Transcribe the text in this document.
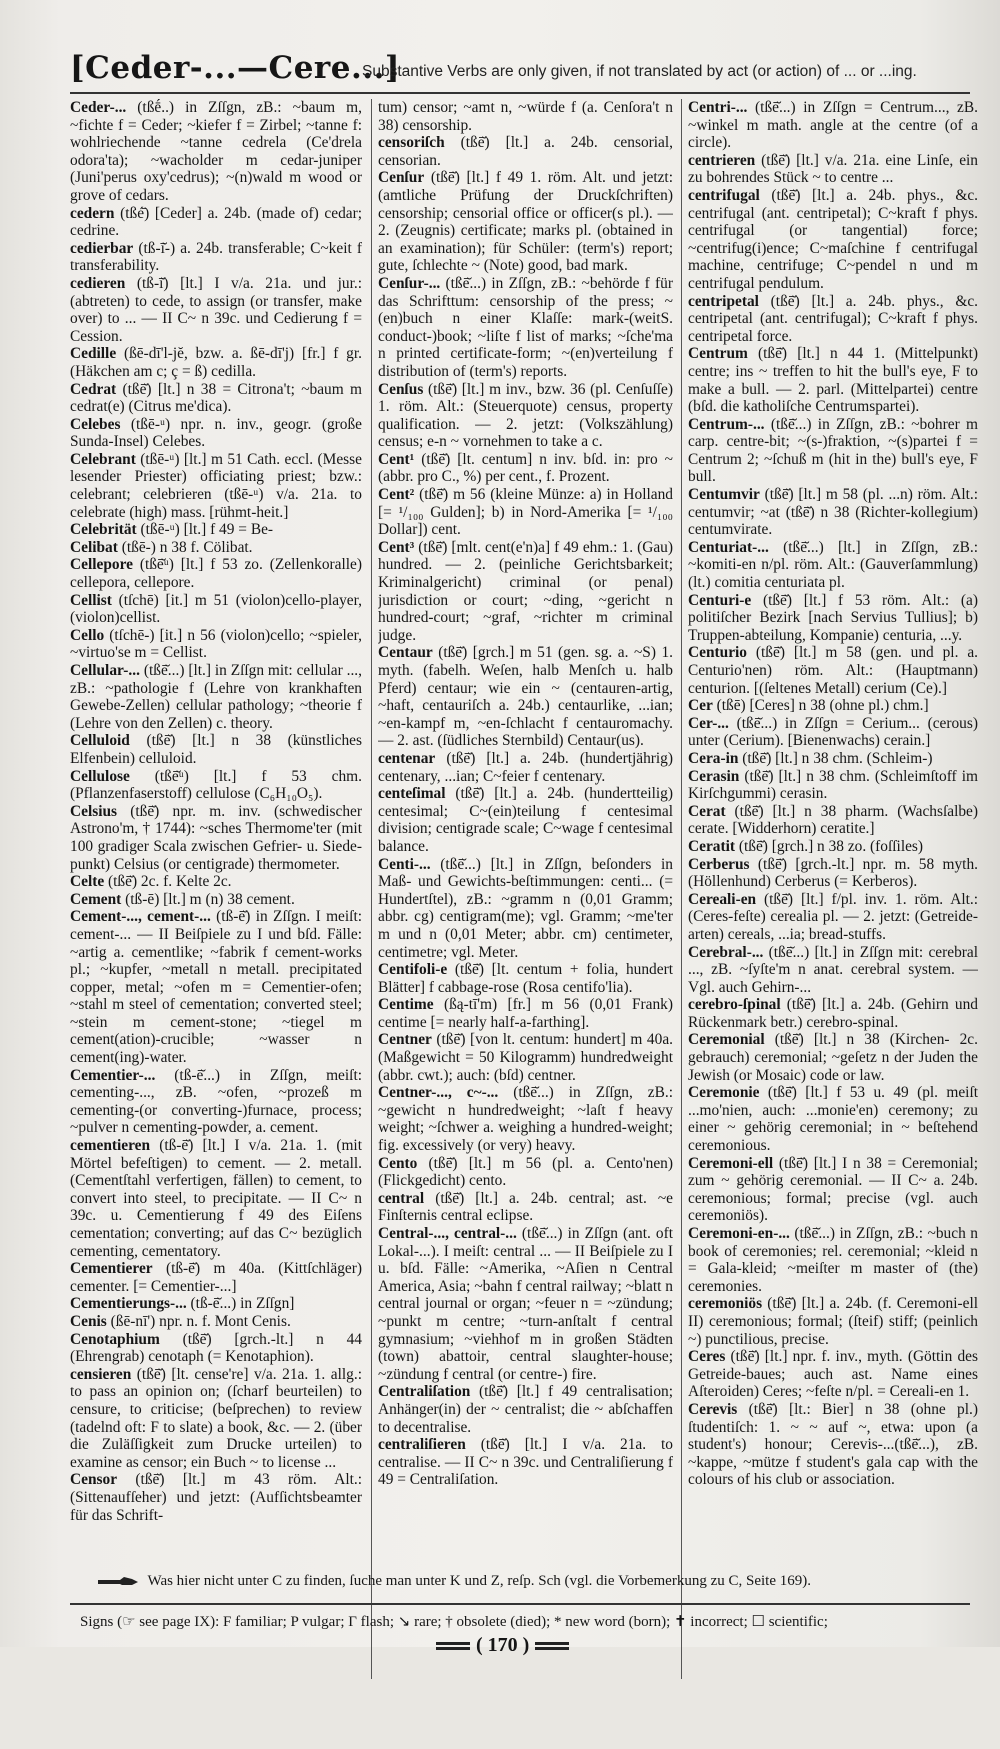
[Ceder-...—Cere...]
Substantive Verbs are only given, if not translated by act (or action) of ... or ...ing.

Ceder-... (tßḗ..) in Zſſgn, zB.: ~baum m, ~fichte f = Ceder; ~kiefer f = Zirbel; ~tanne f: wohlriechende ~tanne cedrela (Ce'drela odora'ta); ~wacholder m cedar-juniper (Juni'perus oxy'cedrus); ~(n)wald m wood or grove of cedars.

cedern (tßé̄) [Ceder] a. 24b. (made of) cedar; cedrine.

cedierbar (tß-ī̆-) a. 24b. transferable; C~keit f transferability.

cedieren (tß-ī̆) [lt.] I v/a. 21a. und jur.: (abtreten) to cede, to assign (or transfer, make over) to ... — II C~ n 39c. und Cedierung f = Cession.

Cedille (ßē-dī'l-jĕ, bzw. a. ßē-dī'j) [fr.] f gr. (Häkchen am c; ç = ß) cedilla.

Cedrat (tßē̆) [lt.] n 38 = Citrona't; ~baum m cedrat(e) (Citrus me'dica).

Celebes (tßē-ᵘ) npr. n. inv., geogr. (große Sunda-Insel) Celebes.

Celebrant (tßē-ᵘ) [lt.] m 51 Cath. eccl. (Messe lesender Priester) officiating priest; bzw.: celebrant; celebrieren (tßē-ᵘ) v/a. 21a. to celebrate (high) mass. [rühmt-heit.]

Celebrität (tßē-ᵘ) [lt.] f 49 = Be-

Celibat (tßē-) n 38 f. Cölibat.

Cellepore (tßē̆ᵘ) [lt.] f 53 zo. (Zellenkoralle) cellepora, cellepore.

Cellist (tſchē) [it.] m 51 (violon)cello-player, (violon)cellist.

Cello (tſchē-) [it.] n 56 (violon)cello; ~spieler, ~virtuo'se m = Cellist.

Cellular-... (tßē̆...) [lt.] in Zſſgn mit: cellular ..., zB.: ~pathologie f (Lehre von krankhaften Gewebe-Zellen) cellular pathology; ~theorie f (Lehre von den Zellen) c. theory.

Celluloid (tßē̆) [lt.] n 38 (künstliches Elfenbein) celluloid.

Cellulose (tßē̆ᵘ) [lt.] f 53 chm. (Pflanzenfaserstoff) cellulose (C₆H₁₀O₅).

Celsius (tßē̆) npr. m. inv. (schwedischer Astrono'm, † 1744): ~sches Thermome'ter (mit 100 gradiger Scala zwischen Gefrier- u. Siede-punkt) Celsius (or centigrade) thermometer.

Celte (tßē̆) 2c. f. Kelte 2c.

Cement (tß-ē) [lt.] m (n) 38 cement.

Cement-..., cement-... (tß-ē̆) in Zſſgn. I meiſt: cement-... — II Beiſpiele zu I und bſd. Fälle: ~artig a. cementlike; ~fabrik f cement-works pl.; ~kupfer, ~metall n metall. precipitated copper, metal; ~ofen m = Cementier-ofen; ~stahl m steel of cementation; converted steel; ~stein m cement-stone; ~tiegel m cement(ation)-crucible; ~wasser n cement(ing)-water.

Cementier-... (tß-ē̆...) in Zſſgn, meiſt: cementing-..., zB. ~ofen, ~prozeß m cementing-(or converting-)furnace, process; ~pulver n cementing-powder, a. cement.

cementieren (tß-ē̆) [lt.] I v/a. 21a. 1. (mit Mörtel befeſtigen) to cement. — 2. metall. (Cementſtahl verfertigen, fällen) to cement, to convert into steel, to precipitate. — II C~ n 39c. u. Cementierung f 49 des Eiſens cementation; converting; auf das C~ bezüglich cementing, cementatory.

Cementierer (tß-ē̆) m 40a. (Kittſchläger) cementer. [= Cementier-...]

Cementierungs-... (tß-ē̆...) in Zſſgn]

Cenis (ßē-nī') npr. n. f. Mont Cenis.

Cenotaphium (tßē̆) [grch.-lt.] n 44 (Ehrengrab) cenotaph (= Kenotaphion).

censieren (tßē̆) [lt. cense're] v/a. 21a. 1. allg.: to pass an opinion on; (ſcharf beurteilen) to censure, to criticise; (beſprechen) to review (tadelnd oft: F to slate) a book, &c. — 2. (über die Zuläſſigkeit zum Drucke urteilen) to examine as censor; ein Buch ~ to license ...

Censor (tßē̆) [lt.] m 43 röm. Alt.: (Sittenaufſeher) und jetzt: (Aufſichtsbeamter für das Schrift-

tum) censor; ~amt n, ~würde f (a. Cenſora't n 38) censorship.

censoriſch (tßē̆) [lt.] a. 24b. censorial, censorian.

Cenſur (tßē̆) [lt.] f 49 1. röm. Alt. und jetzt: (amtliche Prüfung der Druckſchriften) censorship; censorial office or officer(s pl.). — 2. (Zeugnis) certificate; marks pl. (obtained in an examination); für Schüler: (term's) report; gute, ſchlechte ~ (Note) good, bad mark.

Cenſur-... (tßē̆...) in Zſſgn, zB.: ~behörde f für das Schrifttum: censorship of the press; ~(en)buch n einer Klaſſe: mark-(weitS. conduct-)book; ~liſte f list of marks; ~ſche'ma n printed certificate-form; ~(en)verteilung f distribution of (term's) reports.

Cenſus (tßē̆) [lt.] m inv., bzw. 36 (pl. Cenſuſſe) 1. röm. Alt.: (Steuerquote) census, property qualification. — 2. jetzt: (Volkszählung) census; e-n ~ vornehmen to take a c.

Cent¹ (tßē̆) [lt. centum] n inv. bſd. in: pro ~ (abbr. pro C., %) per cent., f. Prozent.

Cent² (tßē̆) m 56 (kleine Münze: a) in Holland [= ¹/₁₀₀ Gulden]; b) in Nord-Amerika [= ¹/₁₀₀ Dollar]) cent.

Cent³ (tßē̆) [mlt. cent(e'n)a] f 49 ehm.: 1. (Gau) hundred. — 2. (peinliche Gerichtsbarkeit; Kriminalgericht) criminal (or penal) jurisdiction or court; ~ding, ~gericht n hundred-court; ~graf, ~richter m criminal judge.

Centaur (tßē̆) [grch.] m 51 (gen. sg. a. ~S) 1. myth. (fabelh. Weſen, halb Menſch u. halb Pferd) centaur; wie ein ~ (centauren-artig, ~haft, centauriſch a. 24b.) centaurlike, ...ian; ~en-kampf m, ~en-ſchlacht f centauromachy. — 2. ast. (ſüdliches Sternbild) Centaur(us).

centenar (tßē̆) [lt.] a. 24b. (hundertjährig) centenary, ...ian; C~feier f centenary.

centeſimal (tßē̆) [lt.] a. 24b. (hundertteilig) centesimal; C~(ein)teilung f centesimal division; centigrade scale; C~wage f centesimal balance.

Centi-... (tßē̆...) [lt.] in Zſſgn, beſonders in Maß- und Gewichts-beſtimmungen: centi... (= Hundertſtel), zB.: ~gramm n (0,01 Gramm; abbr. cg) centigram(me); vgl. Gramm; ~me'ter m und n (0,01 Meter; abbr. cm) centimeter, centimetre; vgl. Meter.

Centifoli-e (tßē̆) [lt. centum + folia, hundert Blätter] f cabbage-rose (Rosa centifo'lia).

Centime (ßą-tī'm) [fr.] m 56 (0,01 Frank) centime [= nearly half-a-farthing].

Centner (tßē̆) [von lt. centum: hundert] m 40a. (Maßgewicht = 50 Kilogramm) hundredweight (abbr. cwt.); auch: (bſd) centner.

Centner-..., c~-... (tßē̆...) in Zſſgn, zB.: ~gewicht n hundredweight; ~laſt f heavy weight; ~ſchwer a. weighing a hundred-weight; fig. excessively (or very) heavy.

Cento (tßē̆) [lt.] m 56 (pl. a. Cento'nen) (Flickgedicht) cento.

central (tßē̆) [lt.] a. 24b. central; ast. ~e Finſternis central eclipse.

Central-..., central-... (tßē̆...) in Zſſgn (ant. oft Lokal-...). I meiſt: central ... — II Beiſpiele zu I u. bſd. Fälle: ~Amerika, ~Aſien n Central America, Asia; ~bahn f central railway; ~blatt n central journal or organ; ~feuer n = ~zündung; ~punkt m centre; ~turn-anſtalt f central gymnasium; ~viehhof m in großen Städten (town) abattoir, central slaughter-house; ~zündung f central (or centre-) fire.

Centraliſation (tßē̆) [lt.] f 49 centralisation; Anhänger(in) der ~ centralist; die ~ abſchaffen to decentralise.

centraliſieren (tßē̆) [lt.] I v/a. 21a. to centralise. — II C~ n 39c. und Centraliſierung f 49 = Centraliſation.

Centri-... (tßē̆...) in Zſſgn = Centrum..., zB. ~winkel m math. angle at the centre (of a circle).

centrieren (tßē̆) [lt.] v/a. 21a. eine Linſe, ein zu bohrendes Stück ~ to centre ...

centrifugal (tßē̆) [lt.] a. 24b. phys., &c. centrifugal (ant. centripetal); C~kraft f phys. centrifugal (or tangential) force; ~centrifug(i)ence; C~maſchine f centrifugal machine, centrifuge; C~pendel n und m centrifugal pendulum.

centripetal (tßē̆) [lt.] a. 24b. phys., &c. centripetal (ant. centrifugal); C~kraft f phys. centripetal force.

Centrum (tßē̆) [lt.] n 44 1. (Mittelpunkt) centre; ins ~ treffen to hit the bull's eye, F to make a bull. — 2. parl. (Mittelpartei) centre (bſd. die katholiſche Centrumspartei).

Centrum-... (tßē̆...) in Zſſgn, zB.: ~bohrer m carp. centre-bit; ~(s-)fraktion, ~(s)partei f = Centrum 2; ~ſchuß m (hit in the) bull's eye, F bull.

Centumvir (tßē̆) [lt.] m 58 (pl. ...n) röm. Alt.: centumvir; ~at (tßē̆) n 38 (Richter-kollegium) centumvirate.

Centuriat-... (tßē̆...) [lt.] in Zſſgn, zB.: ~komiti-en n/pl. röm. Alt.: (Gauverſammlung) (lt.) comitia centuriata pl.

Centuri-e (tßē̆) [lt.] f 53 röm. Alt.: (a) politiſcher Bezirk [nach Servius Tullius]; b) Truppen-abteilung, Kompanie) centuria, ...y.

Centurio (tßē̆) [lt.] m 58 (gen. und pl. a. Centurio'nen) röm. Alt.: (Hauptmann) centurion. [(ſeltenes Metall) cerium (Ce).]

Cer (tßē) [Ceres] n 38 (ohne pl.) chm.]

Cer-... (tßē̆...) in Zſſgn = Cerium... (cerous) unter (Cerium). [Bienenwachs) cerain.]

Cera-in (tßē̆) [lt.] n 38 chm. (Schleim-)

Cerasin (tßē̆) [lt.] n 38 chm. (Schleimſtoff im Kirſchgummi) cerasin.

Cerat (tßē̆) [lt.] n 38 pharm. (Wachsſalbe) cerate. [Widderhorn) ceratite.]

Ceratit (tßē̆) [grch.] n 38 zo. (foſſiles)

Cerberus (tßē̆) [grch.-lt.] npr. m. 58 myth. (Höllenhund) Cerberus (= Kerberos).

Cereali-en (tßē̆) [lt.] f/pl. inv. 1. röm. Alt.: (Ceres-feſte) cerealia pl. — 2. jetzt: (Getreide-arten) cereals, ...ia; bread-stuffs.

Cerebral-... (tßē̆...) [lt.] in Zſſgn mit: cerebral ..., zB. ~ſyſte'm n anat. cerebral system. — Vgl. auch Gehirn-...

cerebro-ſpinal (tßē̆) [lt.] a. 24b. (Gehirn und Rückenmark betr.) cerebro-spinal.

Ceremonial (tßē̆) [lt.] n 38 (Kirchen- 2c. gebrauch) ceremonial; ~geſetz n der Juden the Jewish (or Mosaic) code or law.

Ceremonie (tßē̆) [lt.] f 53 u. 49 (pl. meiſt ...mo'nien, auch: ...monie'en) ceremony; zu einer ~ gehörig ceremonial; in ~ beſtehend ceremonious.

Ceremoni-ell (tßē̆) [lt.] I n 38 = Ceremonial; zum ~ gehörig ceremonial. — II C~ a. 24b. ceremonious; formal; precise (vgl. auch ceremoniös).

Ceremoni-en-... (tßē̆...) in Zſſgn, zB.: ~buch n book of ceremonies; rel. ceremonial; ~kleid n = Gala-kleid; ~meiſter m master of (the) ceremonies.

ceremoniös (tßē̆) [lt.] a. 24b. (f. Ceremoni-ell II) ceremonious; formal; (ſteif) stiff; (peinlich ~) punctilious, precise.

Ceres (tßē̆) [lt.] npr. f. inv., myth. (Göttin des Getreide-baues; auch ast. Name eines Aſteroiden) Ceres; ~feſte n/pl. = Cereali-en 1.

Cerevis (tßē̆) [lt.: Bier] n 38 (ohne pl.) ſtudentiſch: 1. ~ ~ auf ~, etwa: upon (a student's) honour; Cerevis-...(tßē̆...), zB. ~kappe, ~mütze f student's gala cap with the colours of his club or association.

Was hier nicht unter C zu finden, ſuche man unter K und Z, reſp. Sch (vgl. die Vorbemerkung zu C, Seite 169).
Signs (☞ see page IX): F familiar; P vulgar; Г flash; ↘ rare; † obsolete (died); * new word (born); ✝ incorrect; ☐ scientific;
( 170 )
